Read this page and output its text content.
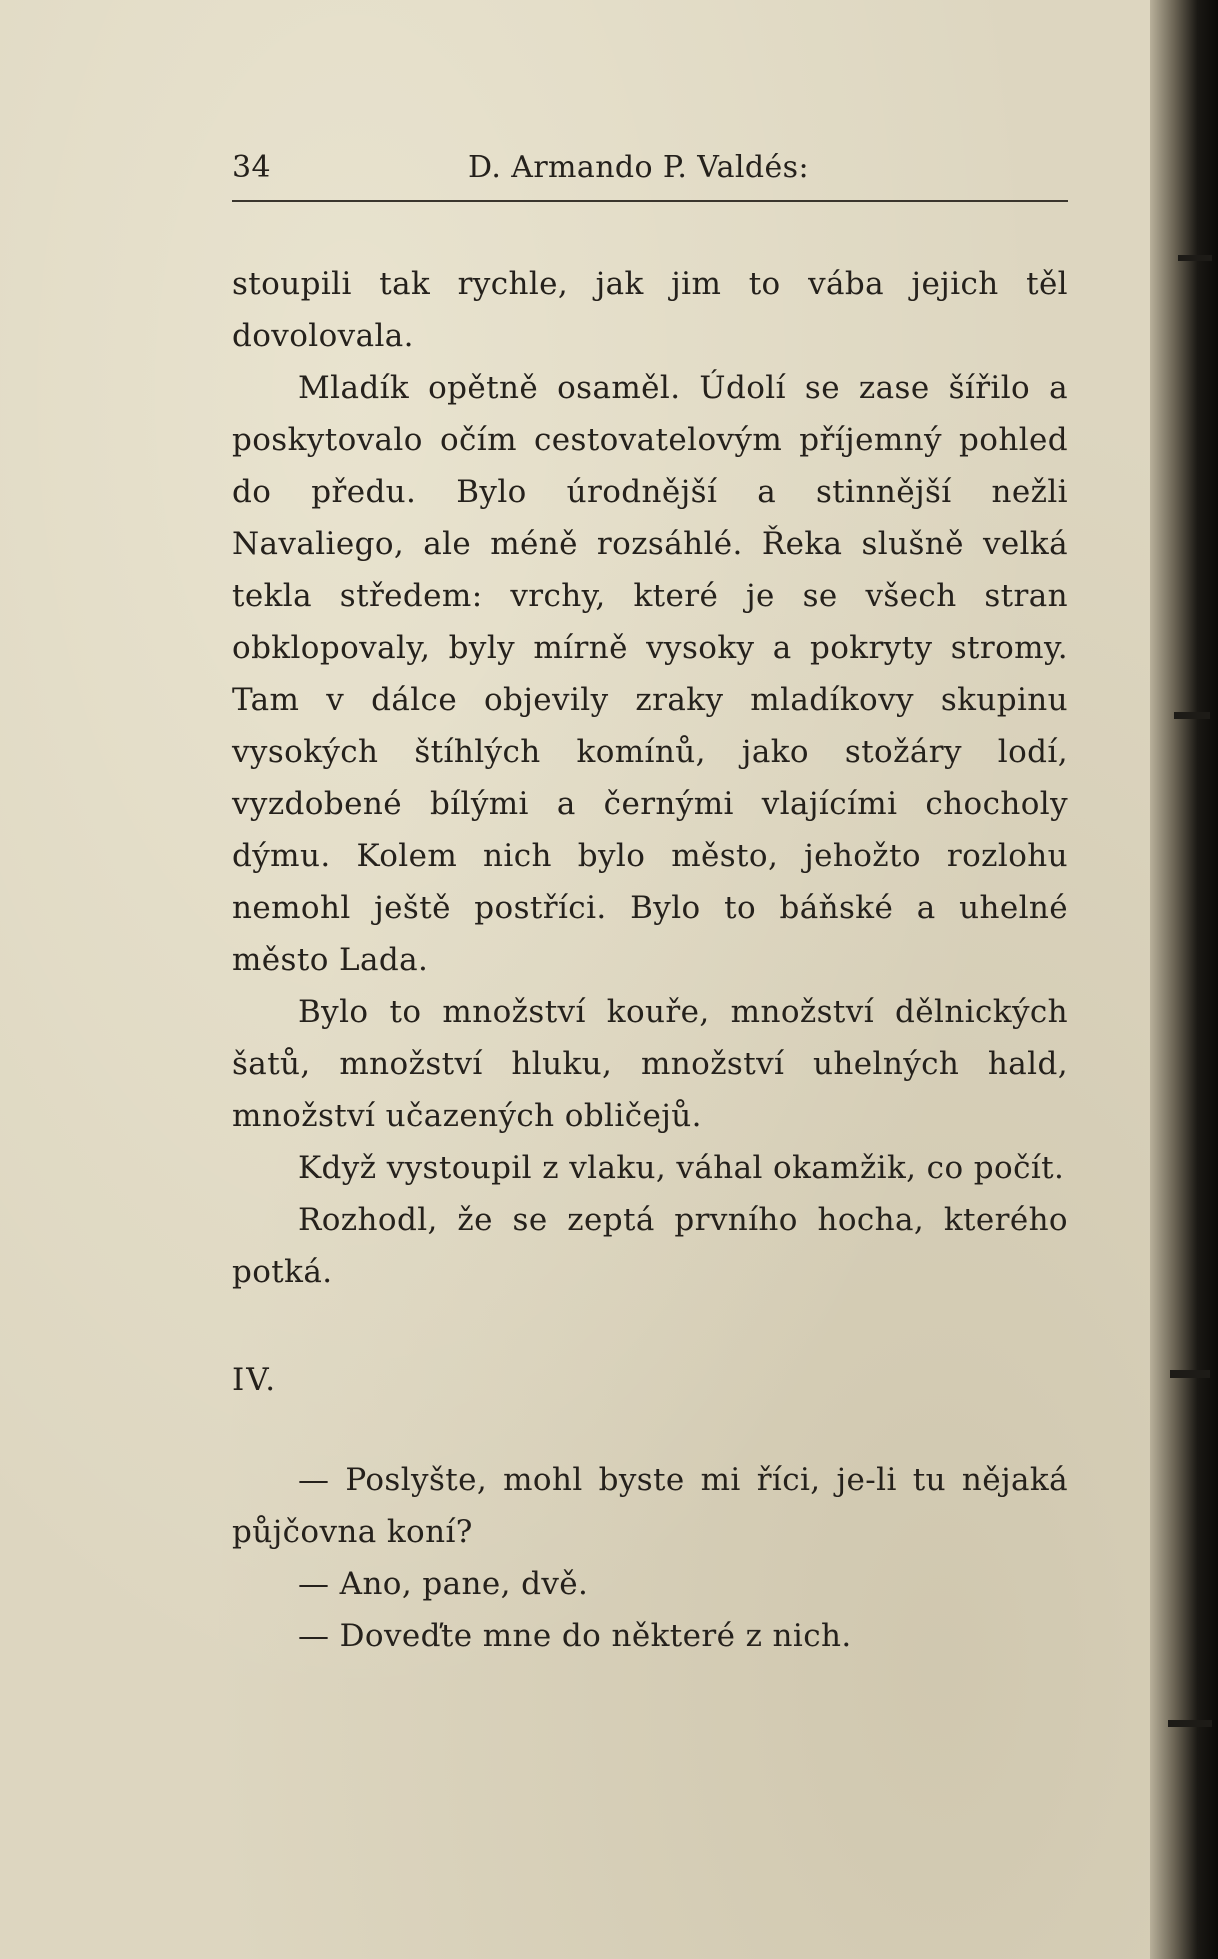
34	D. Armando P. Valdés:

stoupili tak rychle, jak jim to vába jejich těl dovolovala.

Mladík opětně osaměl. Údolí se zase šířilo a poskytovalo očím cestovatelovým příjemný pohled do předu. Bylo úrodnější a stinnější nežli Navaliego, ale méně rozsáhlé. Řeka slušně velká tekla středem: vrchy, které je se všech stran obklopovaly, byly mírně vysoky a pokryty stromy. Tam v dálce objevily zraky mladíkovy skupinu vysokých štíhlých komínů, jako stožáry lodí, vyzdobené bílými a černými vlajícími chocholy dýmu. Kolem nich bylo město, jehožto rozlohu nemohl ještě postříci. Bylo to báňské a uhelné město Lada.

Bylo to množství kouře, množství dělnických šatů, množství hluku, množství uhelných hald, množství učazených obličejů.

Když vystoupil z vlaku, váhal okamžik, co počít.

Rozhodl, že se zeptá prvního hocha, kterého potká.

IV.

— Poslyšte, mohl byste mi říci, je-li tu nějaká půjčovna koní?

— Ano, pane, dvě.

— Doveďte mne do některé z nich.
